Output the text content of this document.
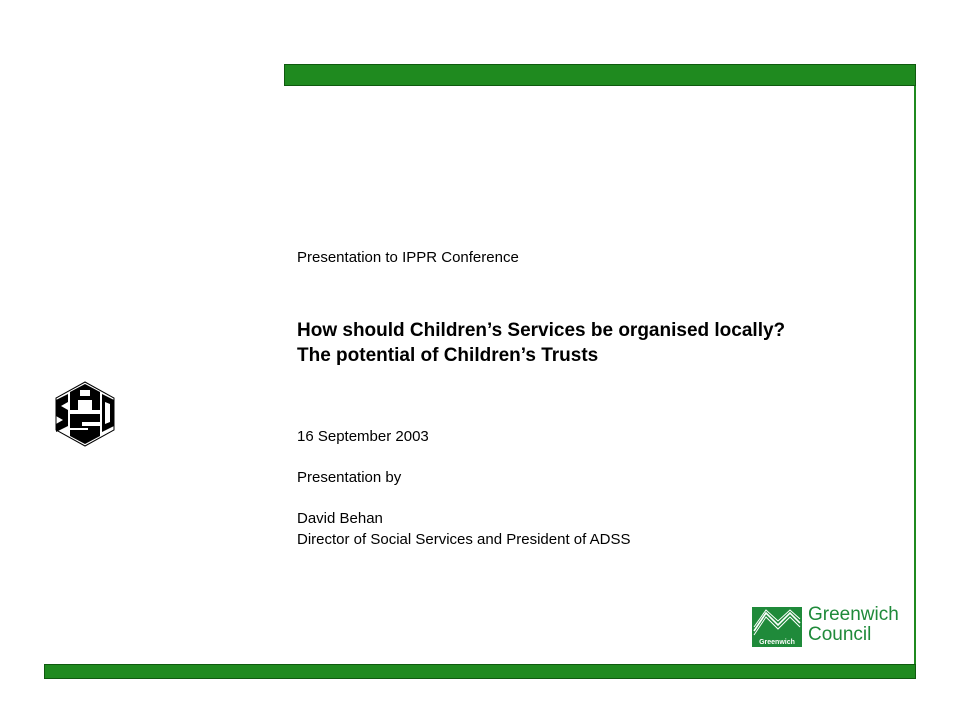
Presentation to IPPR Conference
How should Children’s Services be organised locally?
The potential of Children’s Trusts
16 September 2003
Presentation by
David Behan
Director of Social Services and President of ADSS
Greenwich
Greenwich
Council
